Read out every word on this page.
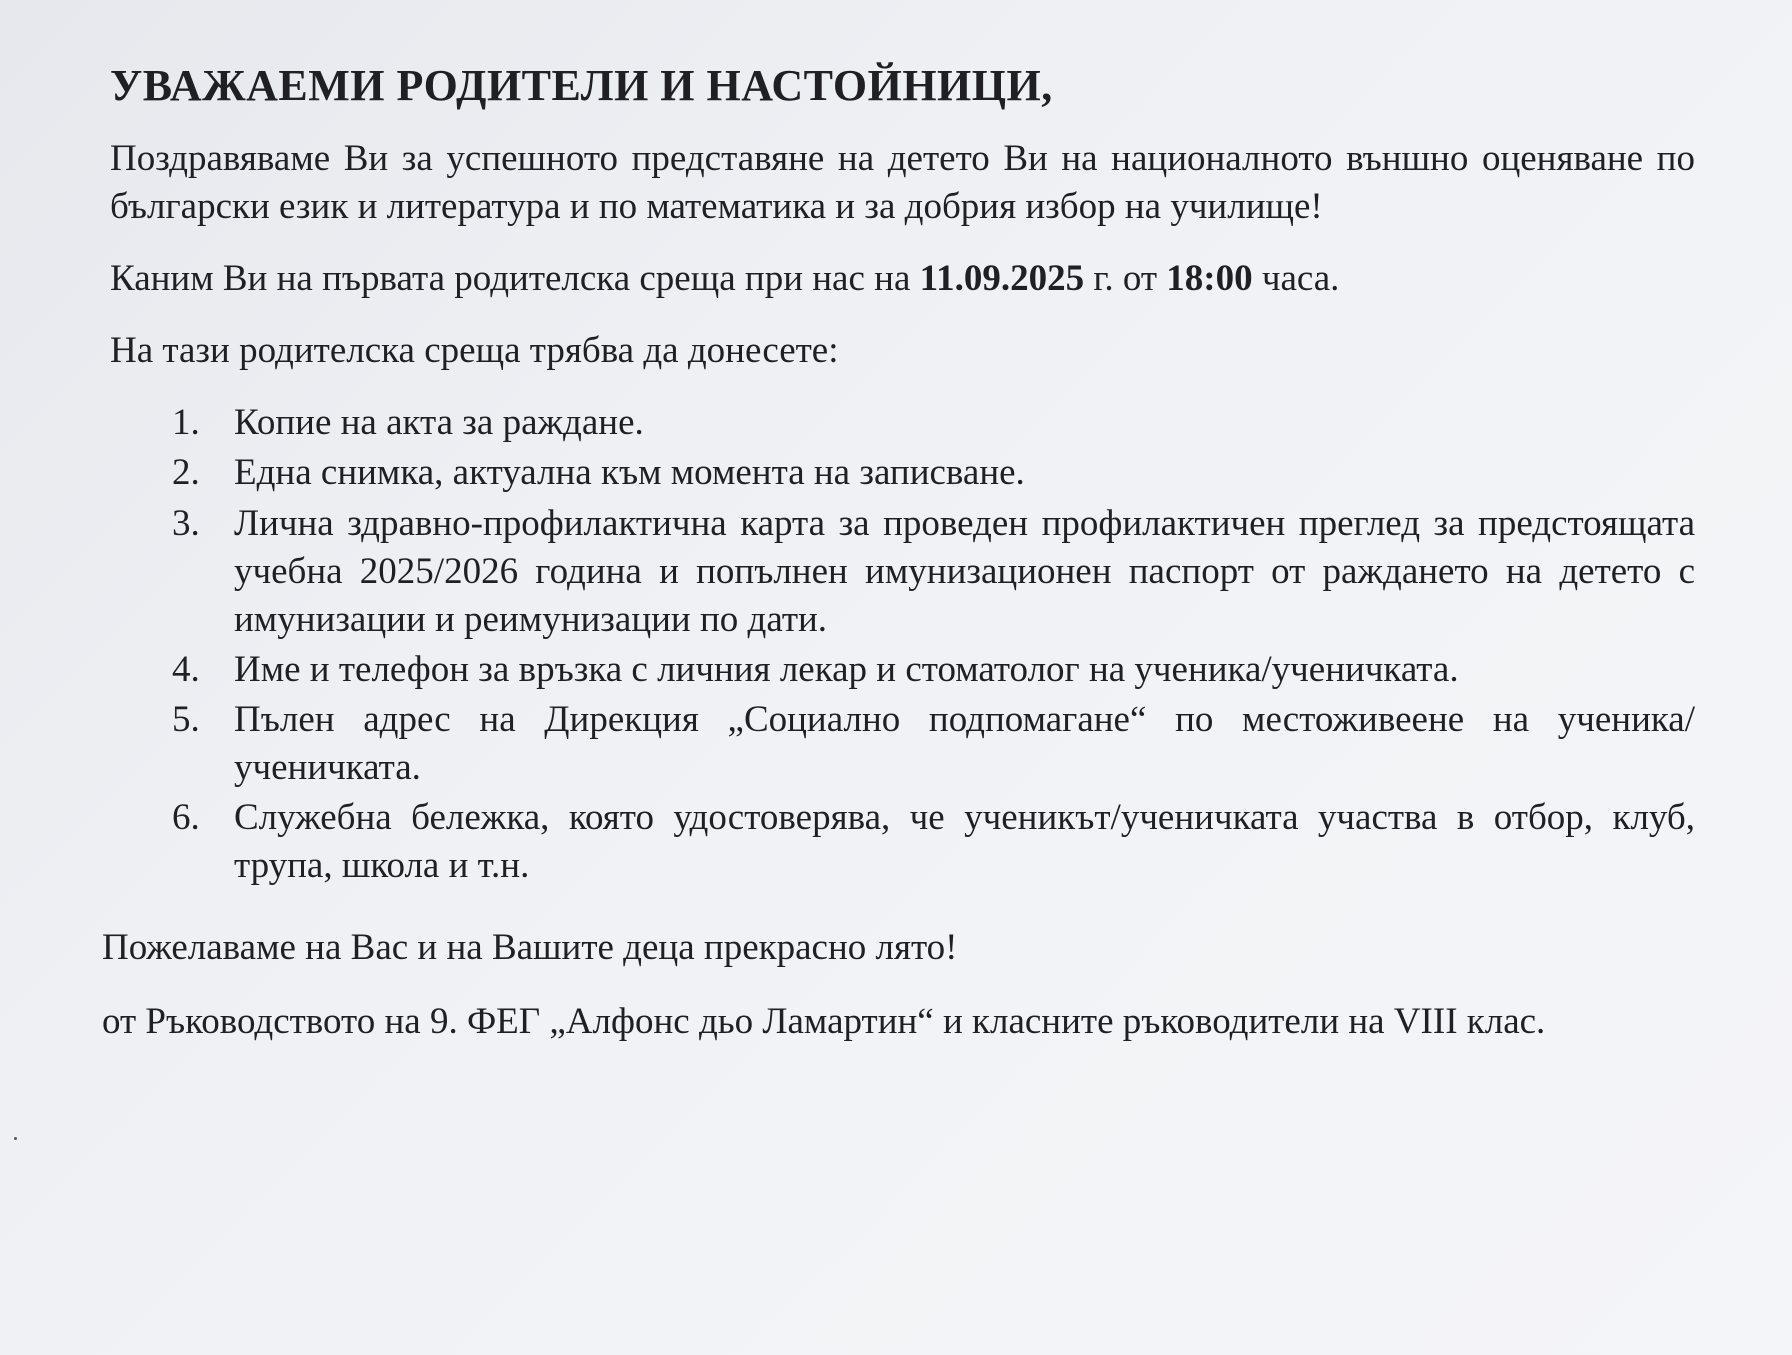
УВАЖАЕМИ РОДИТЕЛИ И НАСТОЙНИЦИ,

Поздравяваме Ви за успешното представяне на детето Ви на националното външно оценяване по български език и литература и по математика и за добрия избор на училище!

Каним Ви на първата родителска среща при нас на 11.09.2025 г. от 18:00 часа.

На тази родителска среща трябва да донесете:

1. Копие на акта за раждане.
2. Една снимка, актуална към момента на записване.
3. Лична здравно-профилактична карта за проведен профилактичен преглед за предстоящата учебна 2025/2026 година и попълнен имунизационен паспорт от раждането на детето с имунизации и реимунизации по дати.
4. Име и телефон за връзка с личния лекар и стоматолог на ученика/ученичката.
5. Пълен адрес на Дирекция „Социално подпомагане“ по местоживеене на ученика/ученичката.
6. Служебна бележка, която удостоверява, че ученикът/ученичката участва в отбор, клуб, трупа, школа и т.н.

Пожелаваме на Вас и на Вашите деца прекрасно лято!

от Ръководството на 9. ФЕГ „Алфонс дьо Ламартин“ и класните ръководители на VIII клас.
